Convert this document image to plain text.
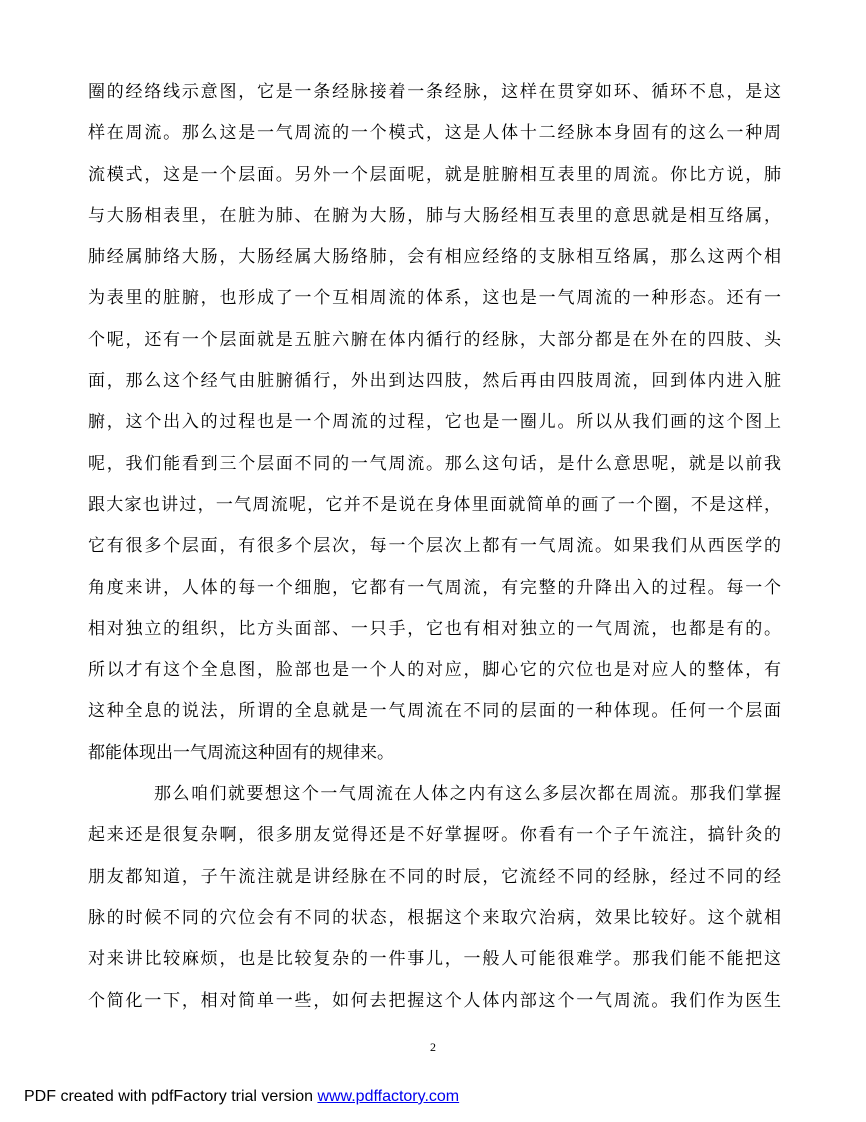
圈的经络线示意图，它是一条经脉接着一条经脉，这样在贯穿如环、循环不息，是这
样在周流。那么这是一气周流的一个模式，这是人体十二经脉本身固有的这么一种周
流模式，这是一个层面。另外一个层面呢，就是脏腑相互表里的周流。你比方说，肺
与大肠相表里，在脏为肺、在腑为大肠，肺与大肠经相互表里的意思就是相互络属，
肺经属肺络大肠，大肠经属大肠络肺，会有相应经络的支脉相互络属，那么这两个相
为表里的脏腑，也形成了一个互相周流的体系，这也是一气周流的一种形态。还有一
个呢，还有一个层面就是五脏六腑在体内循行的经脉，大部分都是在外在的四肢、头
面，那么这个经气由脏腑循行，外出到达四肢，然后再由四肢周流，回到体内进入脏
腑，这个出入的过程也是一个周流的过程，它也是一圈儿。所以从我们画的这个图上
呢，我们能看到三个层面不同的一气周流。那么这句话，是什么意思呢，就是以前我
跟大家也讲过，一气周流呢，它并不是说在身体里面就简单的画了一个圈，不是这样，
它有很多个层面，有很多个层次，每一个层次上都有一气周流。如果我们从西医学的
角度来讲，人体的每一个细胞，它都有一气周流，有完整的升降出入的过程。每一个
相对独立的组织，比方头面部、一只手，它也有相对独立的一气周流，也都是有的。
所以才有这个全息图，脸部也是一个人的对应，脚心它的穴位也是对应人的整体，有
这种全息的说法，所谓的全息就是一气周流在不同的层面的一种体现。任何一个层面
都能体现出一气周流这种固有的规律来。
那么咱们就要想这个一气周流在人体之内有这么多层次都在周流。那我们掌握
起来还是很复杂啊，很多朋友觉得还是不好掌握呀。你看有一个子午流注，搞针灸的
朋友都知道，子午流注就是讲经脉在不同的时辰，它流经不同的经脉，经过不同的经
脉的时候不同的穴位会有不同的状态，根据这个来取穴治病，效果比较好。这个就相
对来讲比较麻烦，也是比较复杂的一件事儿，一般人可能很难学。那我们能不能把这
个简化一下，相对简单一些，如何去把握这个人体内部这个一气周流。我们作为医生
2
PDF created with pdfFactory trial version www.pdffactory.com
